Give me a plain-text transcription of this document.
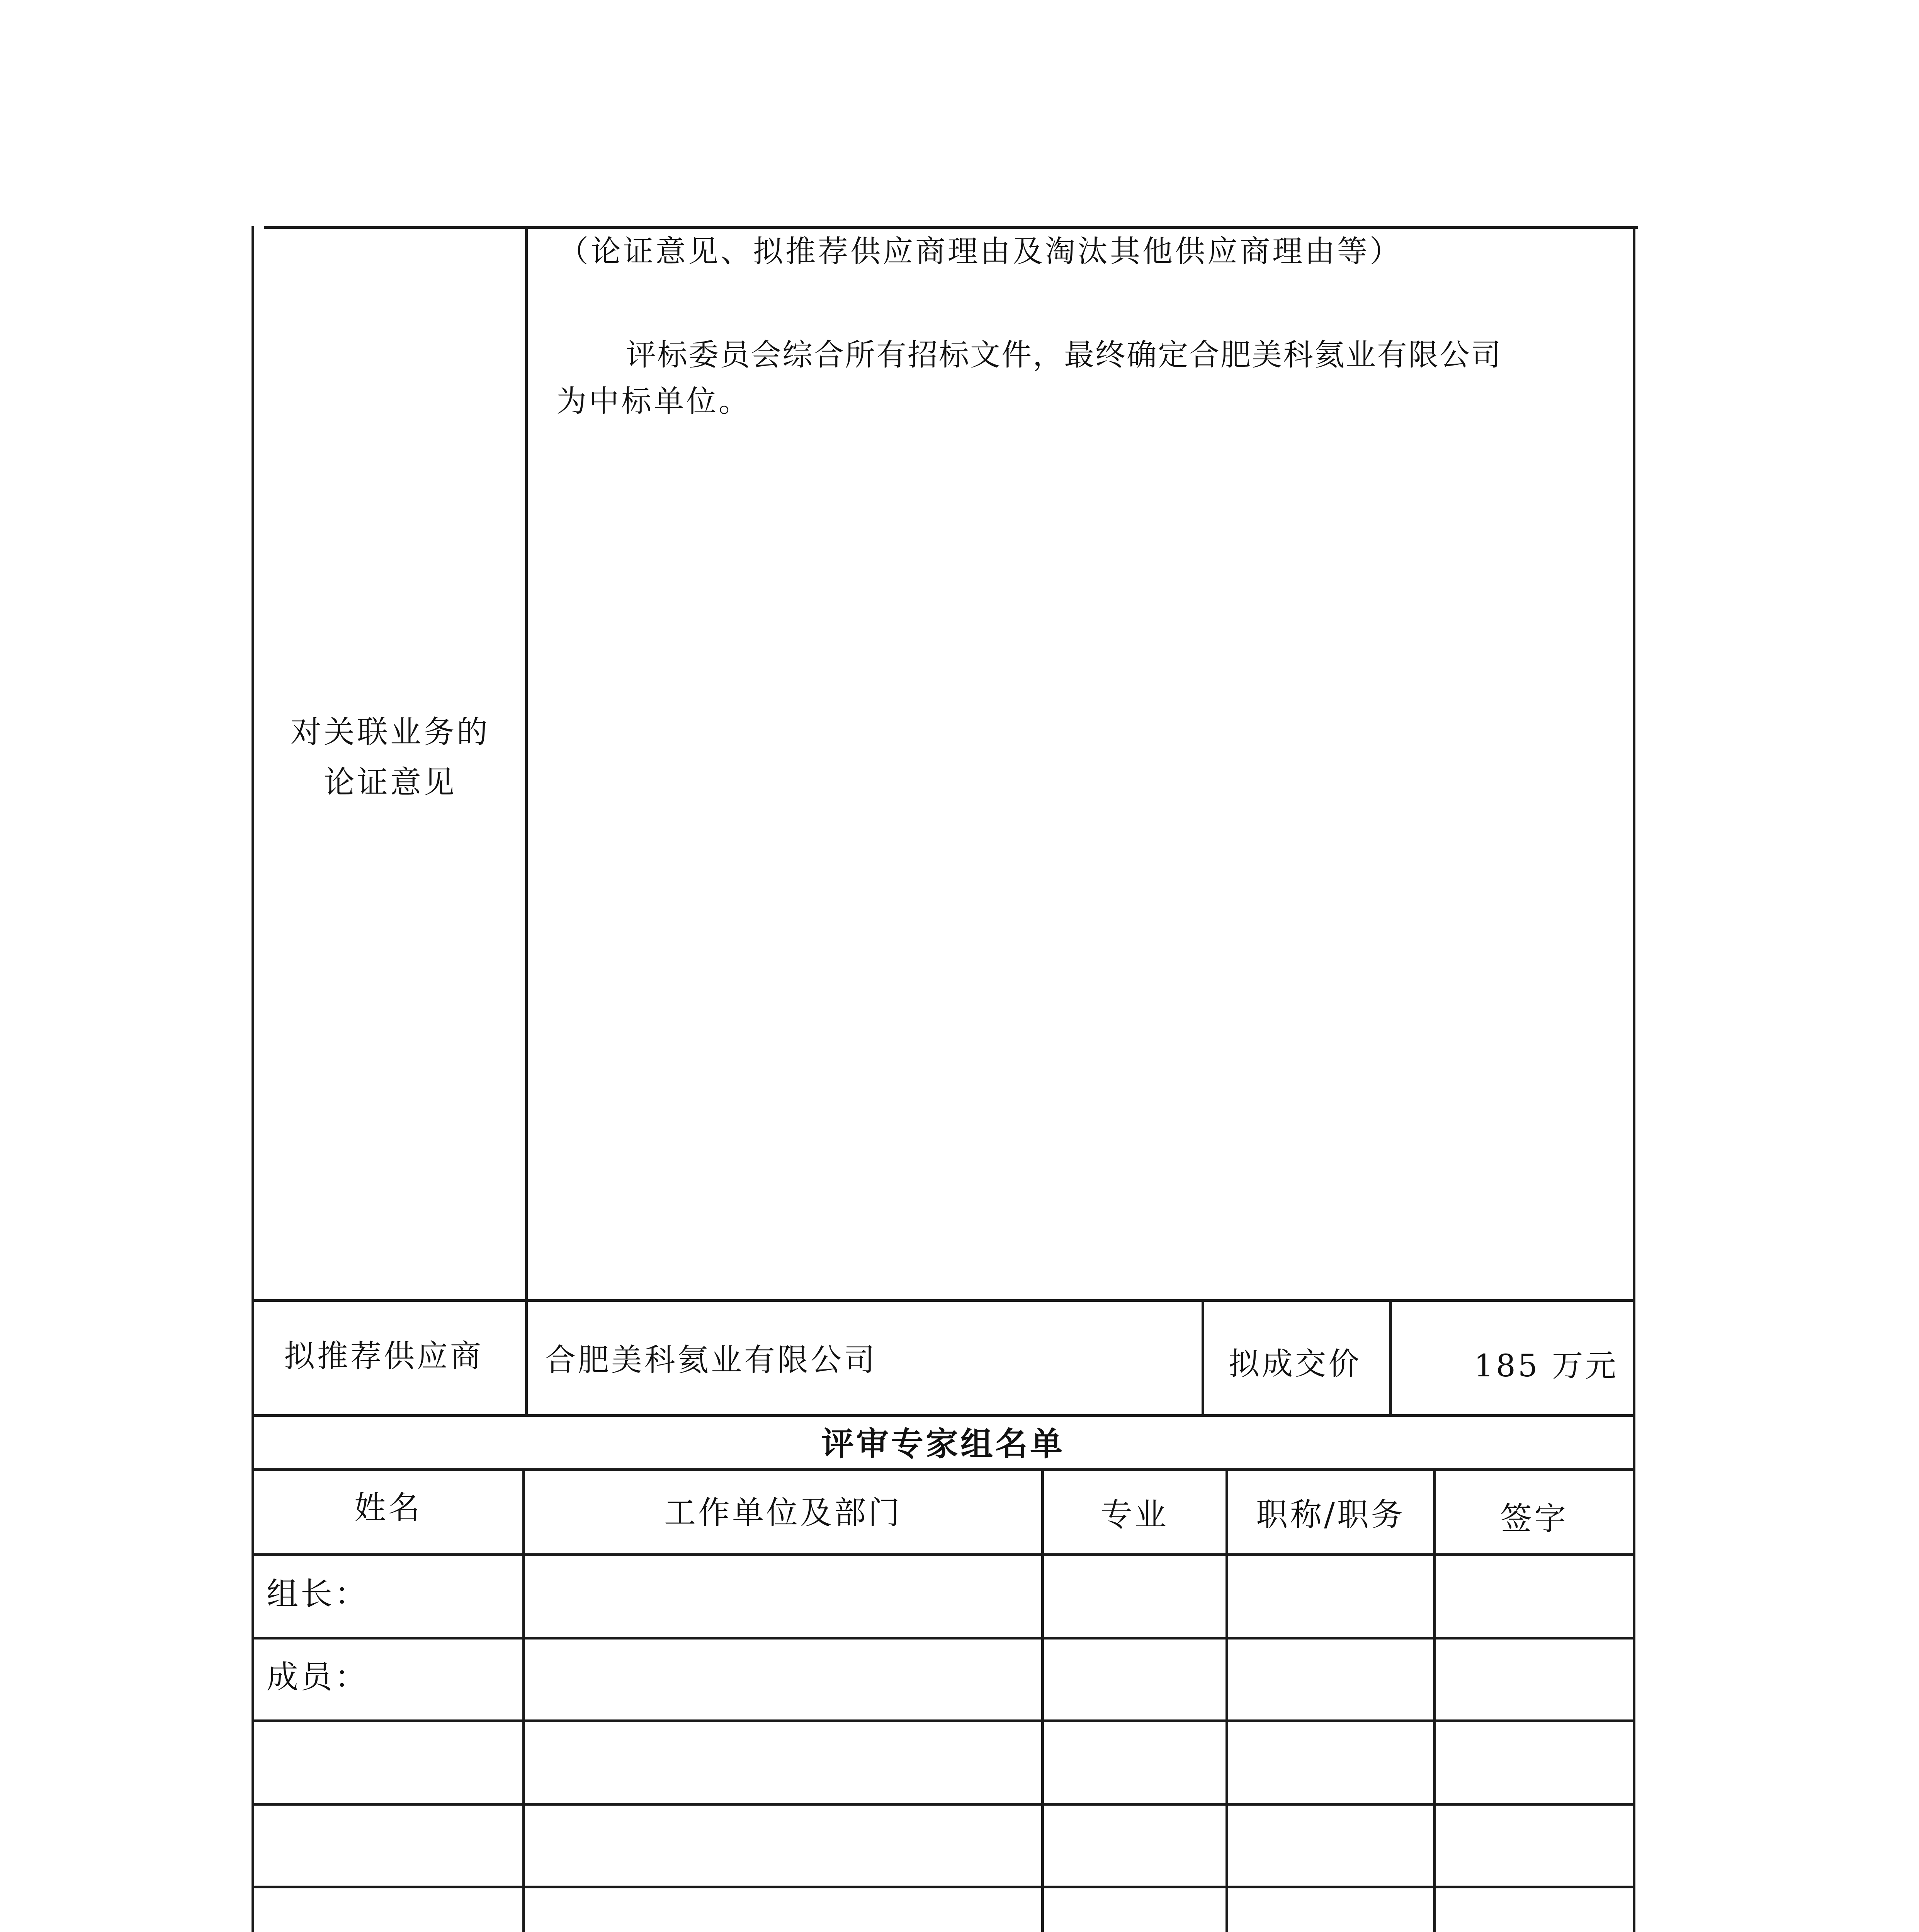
对关联业务的
论证意见
（论证意见、拟推荐供应商理由及淘汰其他供应商理由等）
评标委员会综合所有招标文件，最终确定合肥美科氦业有限公司
为中标单位。
拟推荐供应商 合肥美科氦业有限公司	拟成交价	185 万元
评审专家组名单
姓名	工作单位及部门	专业	职称/职务	签字
组长：
成员：
